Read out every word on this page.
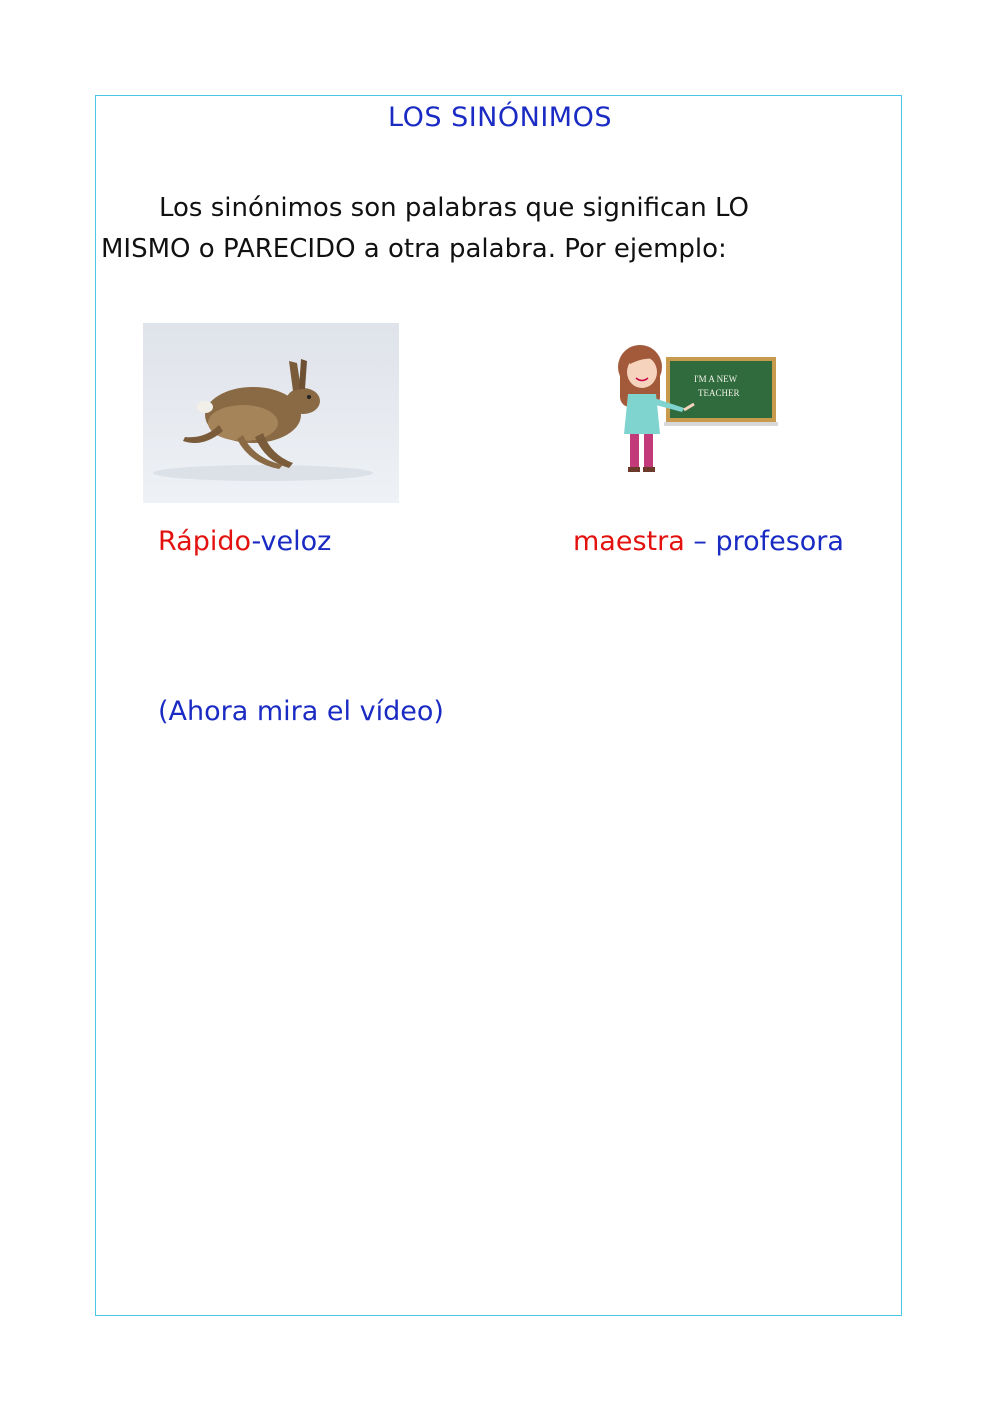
LOS SINÓNIMOS
Los sinónimos son palabras que significan LO
MISMO o PARECIDO a otra palabra. Por ejemplo:
I'M A NEW
TEACHER
Rápido-veloz	maestra – profesora
(Ahora mira el vídeo)
